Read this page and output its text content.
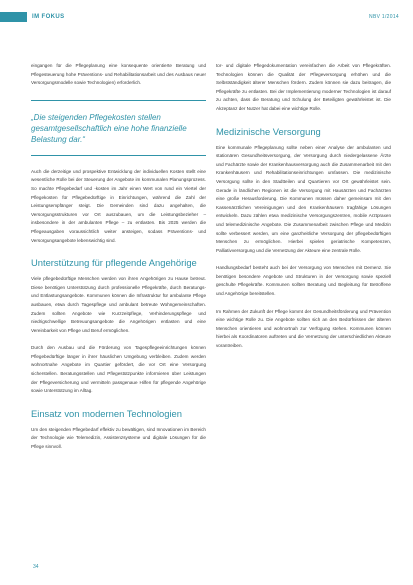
IM FOKUS	NBV 1/2014

eingangen für die Pflegeplanung eine konsequente orientierte Beratung und Pflegesteuerung hohe Präventions- und Rehabilitationsarbeit und des Ausbaus neuer Versorgungsmodelle sowie Technologien) erforderlich.

„Die steigenden Pflegekosten stellen gesamtgesellschaftlich eine hohe finanzielle Belastung dar.“

Auch die derzeitige und prospektive Entwicklung der individuellen Kosten stellt eine wesentliche Rolle bei der Steuerung der Angebote im kommunalen Planungsprozess. So machte Pflegebedarf und -kosten im Jahr einen Wert von rund ein Viertel der Pflegekosten für Pflegebedürftige in Einrichtungen, während die Zahl der Leistungsempfänger steigt. Die Gemeinden sind dazu angehalten, die Versorgungsstrukturen vor Ort auszubauen, um die Leistungsbezieher – insbesondere in der ambulanten Pflege – zu entlasten. Bis 2025 werden die Pflegeausgaben voraussichtlich weiter ansteigen, sodass Präventions- und Versorgungsangebote lebenswichtig sind.

Unterstützung für pflegende Angehörige

Viele pflegebedürftige Menschen werden von ihren Angehörigen zu Hause betreut. Diese benötigen Unterstützung durch professionelle Pflegekräfte, durch Beratungs- und Entlastungsangebote. Kommunen können die Infrastruktur für ambulante Pflege ausbauen, etwa durch Tagespflege und ambulant betreute Wohngemeinschaften. Zudem sollten Angebote wie Kurzzeitpflege, Verhinderungspflege und niedrigschwellige Betreuungsangebote die Angehörigen entlasten und eine Vereinbarkeit von Pflege und Beruf ermöglichen.

Durch den Ausbau und die Förderung von Tagespflegeeinrichtungen können Pflegebedürftige länger in ihrer häuslichen Umgebung verbleiben. Zudem werden wohnortnahe Angebote im Quartier gefördert, die vor Ort eine Versorgung sicherstellen. Beratungsstellen und Pflegestützpunkte informieren über Leistungen der Pflegeversicherung und vermitteln passgenaue Hilfen für pflegende Angehörige sowie Unterstützung im Alltag.

Einsatz von modernen Technologien

Um den steigenden Pflegebedarf effektiv zu bewältigen, sind Innovationen im Bereich der Technologie wie Telemedizin, Assistenzsysteme und digitale Lösungen für die Pflege sinnvoll.

tor- und digitale Pflegedokumentation vereinfachen die Arbeit von Pflegekräften. Technologien können die Qualität der Pflegeversorgung erhöhen und die Selbstständigkeit älterer Menschen fördern. Zudem können sie dazu beitragen, die Pflegekräfte zu entlasten. Bei der Implementierung moderner Technologien ist darauf zu achten, dass die Beratung und Schulung der Beteiligten gewährleistet ist. Die Akzeptanz der Nutzer hat dabei eine wichtige Rolle.

Medizinische Versorgung

Eine kommunale Pflegeplanung sollte neben einer Analyse der ambulanten und stationären Gesundheitsversorgung, der Versorgung durch niedergelassene Ärzte und Fachärzte sowie der Krankenhausversorgung auch die Zusammenarbeit mit den Krankenhäusern und Rehabilitationseinrichtungen umfassen. Die medizinische Versorgung sollte in den Stadtteilen und Quartieren vor Ort gewährleistet sein. Gerade in ländlichen Regionen ist die Versorgung mit Hausärzten und Fachärzten eine große Herausforderung. Die Kommunen müssen daher gemeinsam mit den Kassenärztlichen Vereinigungen und den Krankenhäusern tragfähige Lösungen entwickeln. Dazu zählen etwa medizinische Versorgungszentren, mobile Arztpraxen und telemedizinische Angebote. Die Zusammenarbeit zwischen Pflege und Medizin sollte verbessert werden, um eine ganzheitliche Versorgung der pflegebedürftigen Menschen zu ermöglichen. Hierbei spielen geriatrische Kompetenzen, Palliativversorgung und die Vernetzung der Akteure eine zentrale Rolle.

Handlungsbedarf besteht auch bei der Versorgung von Menschen mit Demenz. Sie benötigen besondere Angebote und Strukturen in der Versorgung sowie speziell geschulte Pflegekräfte. Kommunen sollten Beratung und Begleitung für Betroffene und Angehörige bereitstellen.

Im Rahmen der Zukunft der Pflege kommt der Gesundheitsförderung und Prävention eine wichtige Rolle zu. Die Angebote sollten sich an den Bedürfnissen der älteren Menschen orientieren und wohnortnah zur Verfügung stehen. Kommunen können hierbei als Koordinatoren auftreten und die Vernetzung der unterschiedlichen Akteure vorantreiben.

34
